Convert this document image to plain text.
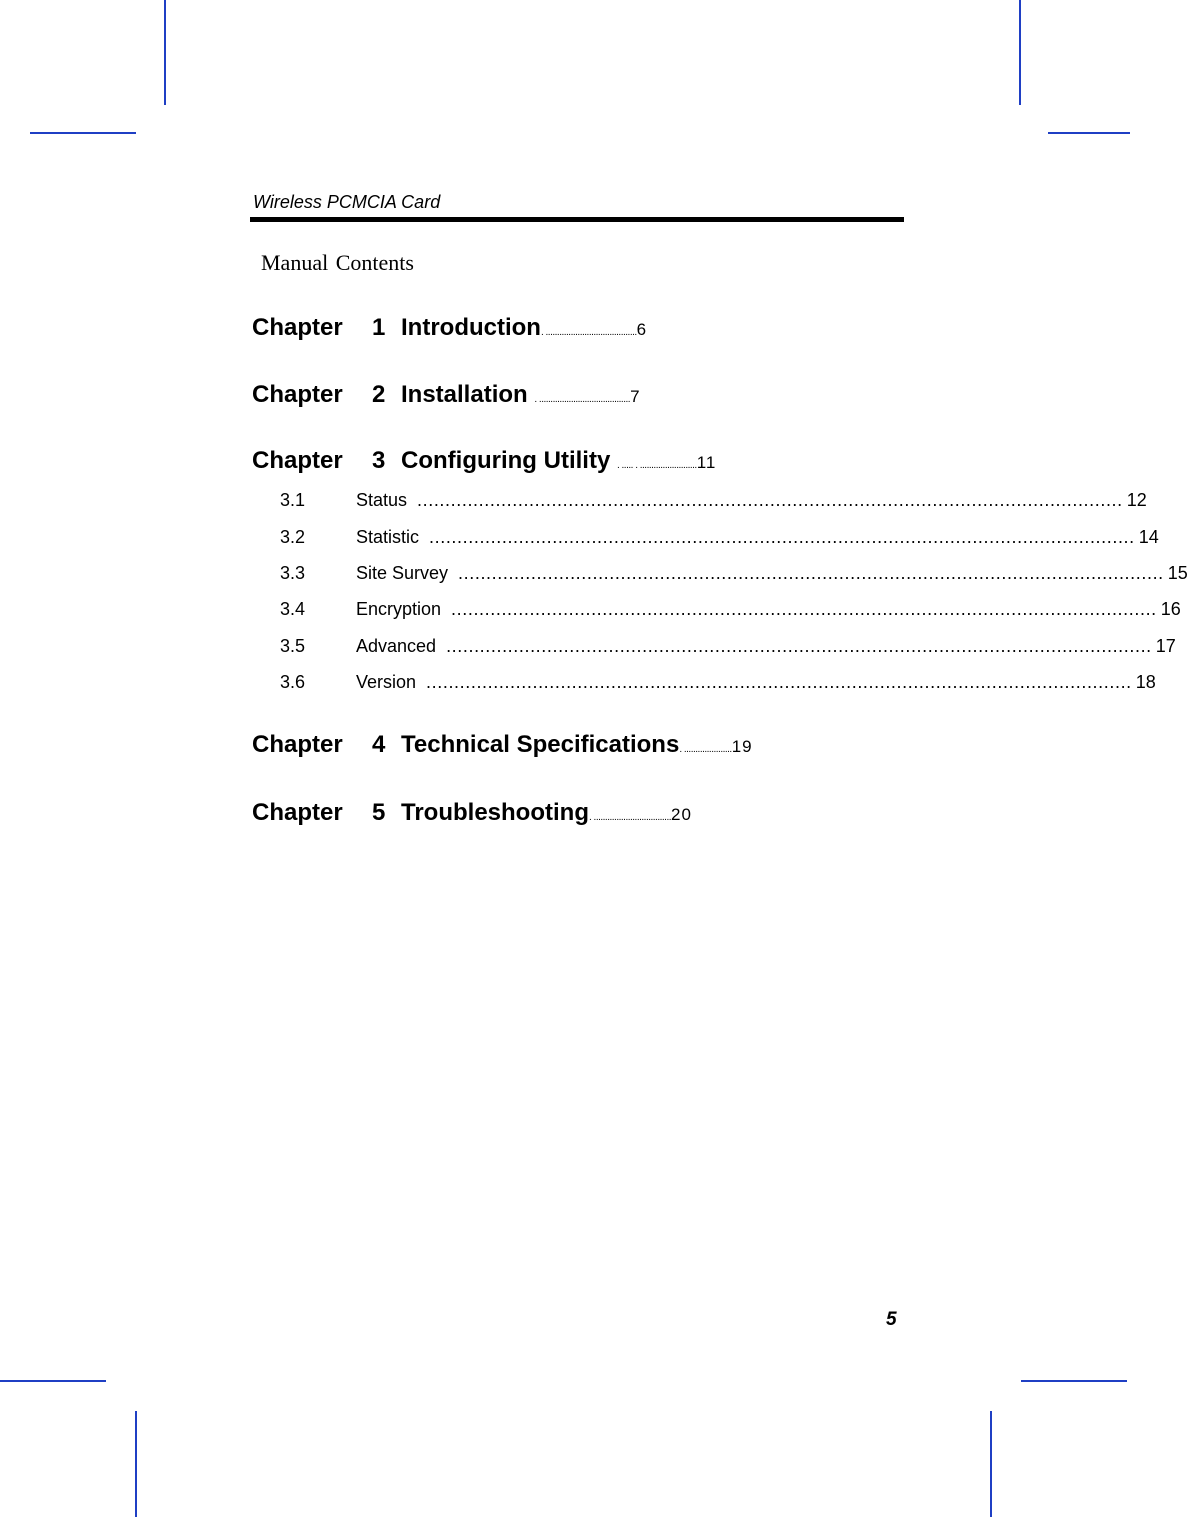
Wireless PCMCIA Card
Manual Contents
Chapter 1 Introduction. ........................................6
Chapter 2 Installation . ........................................7
Chapter 3 Configuring Utility . ..... . .........................11
3.1	Status .............................................................................................................................. 12
3.2	Statistic .............................................................................................................................. 14
3.3	Site Survey .............................................................................................................................. 15
3.4	Encryption .............................................................................................................................. 16
3.5	Advanced .............................................................................................................................. 17
3.6	Version .............................................................................................................................. 18
Chapter 4 Technical Specifications. .....................19
Chapter 5 Troubleshooting. ..................................20
5
